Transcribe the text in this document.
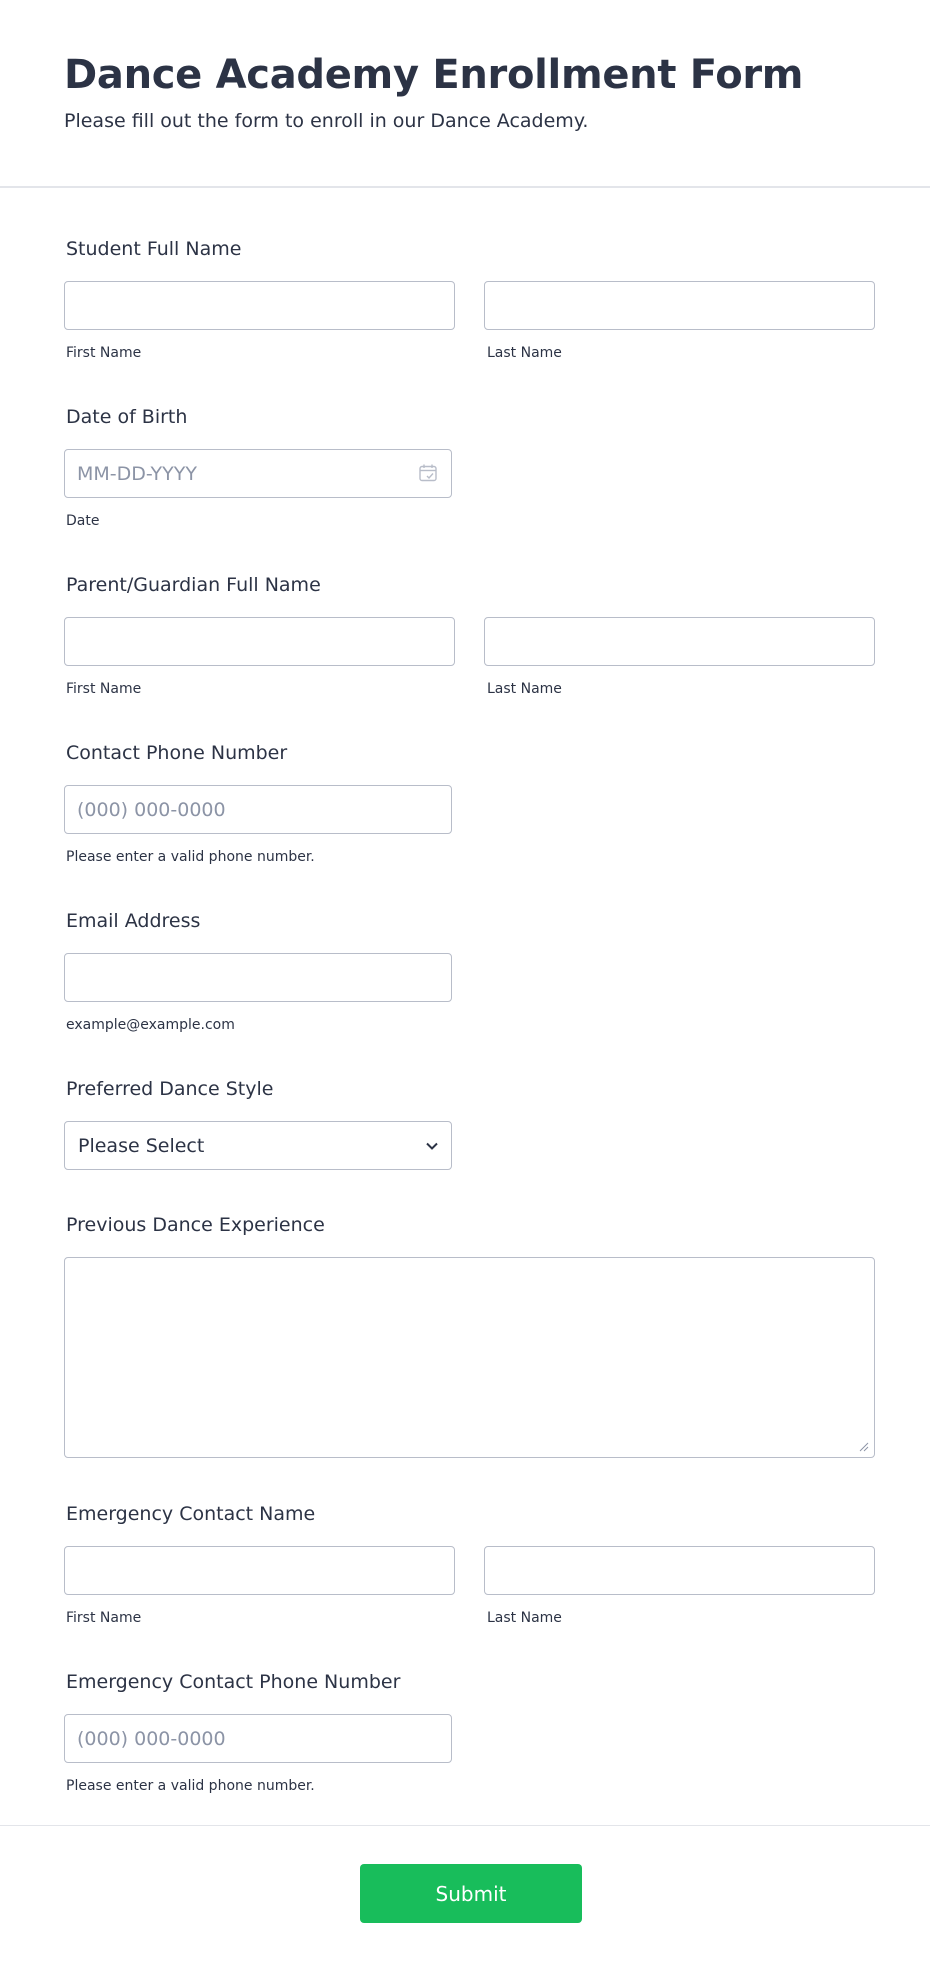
Dance Academy Enrollment Form

Please fill out the form to enroll in our Dance Academy.

Student Full Name
First Name	Last Name
Date of Birth
MM-DD-YYYY
Date
Parent/Guardian Full Name
First Name	Last Name
Contact Phone Number
(000) 000-0000
Please enter a valid phone number.
Email Address
example@example.com
Preferred Dance Style
Please Select
Previous Dance Experience
Emergency Contact Name
First Name	Last Name
Emergency Contact Phone Number
(000) 000-0000
Please enter a valid phone number.
Submit
